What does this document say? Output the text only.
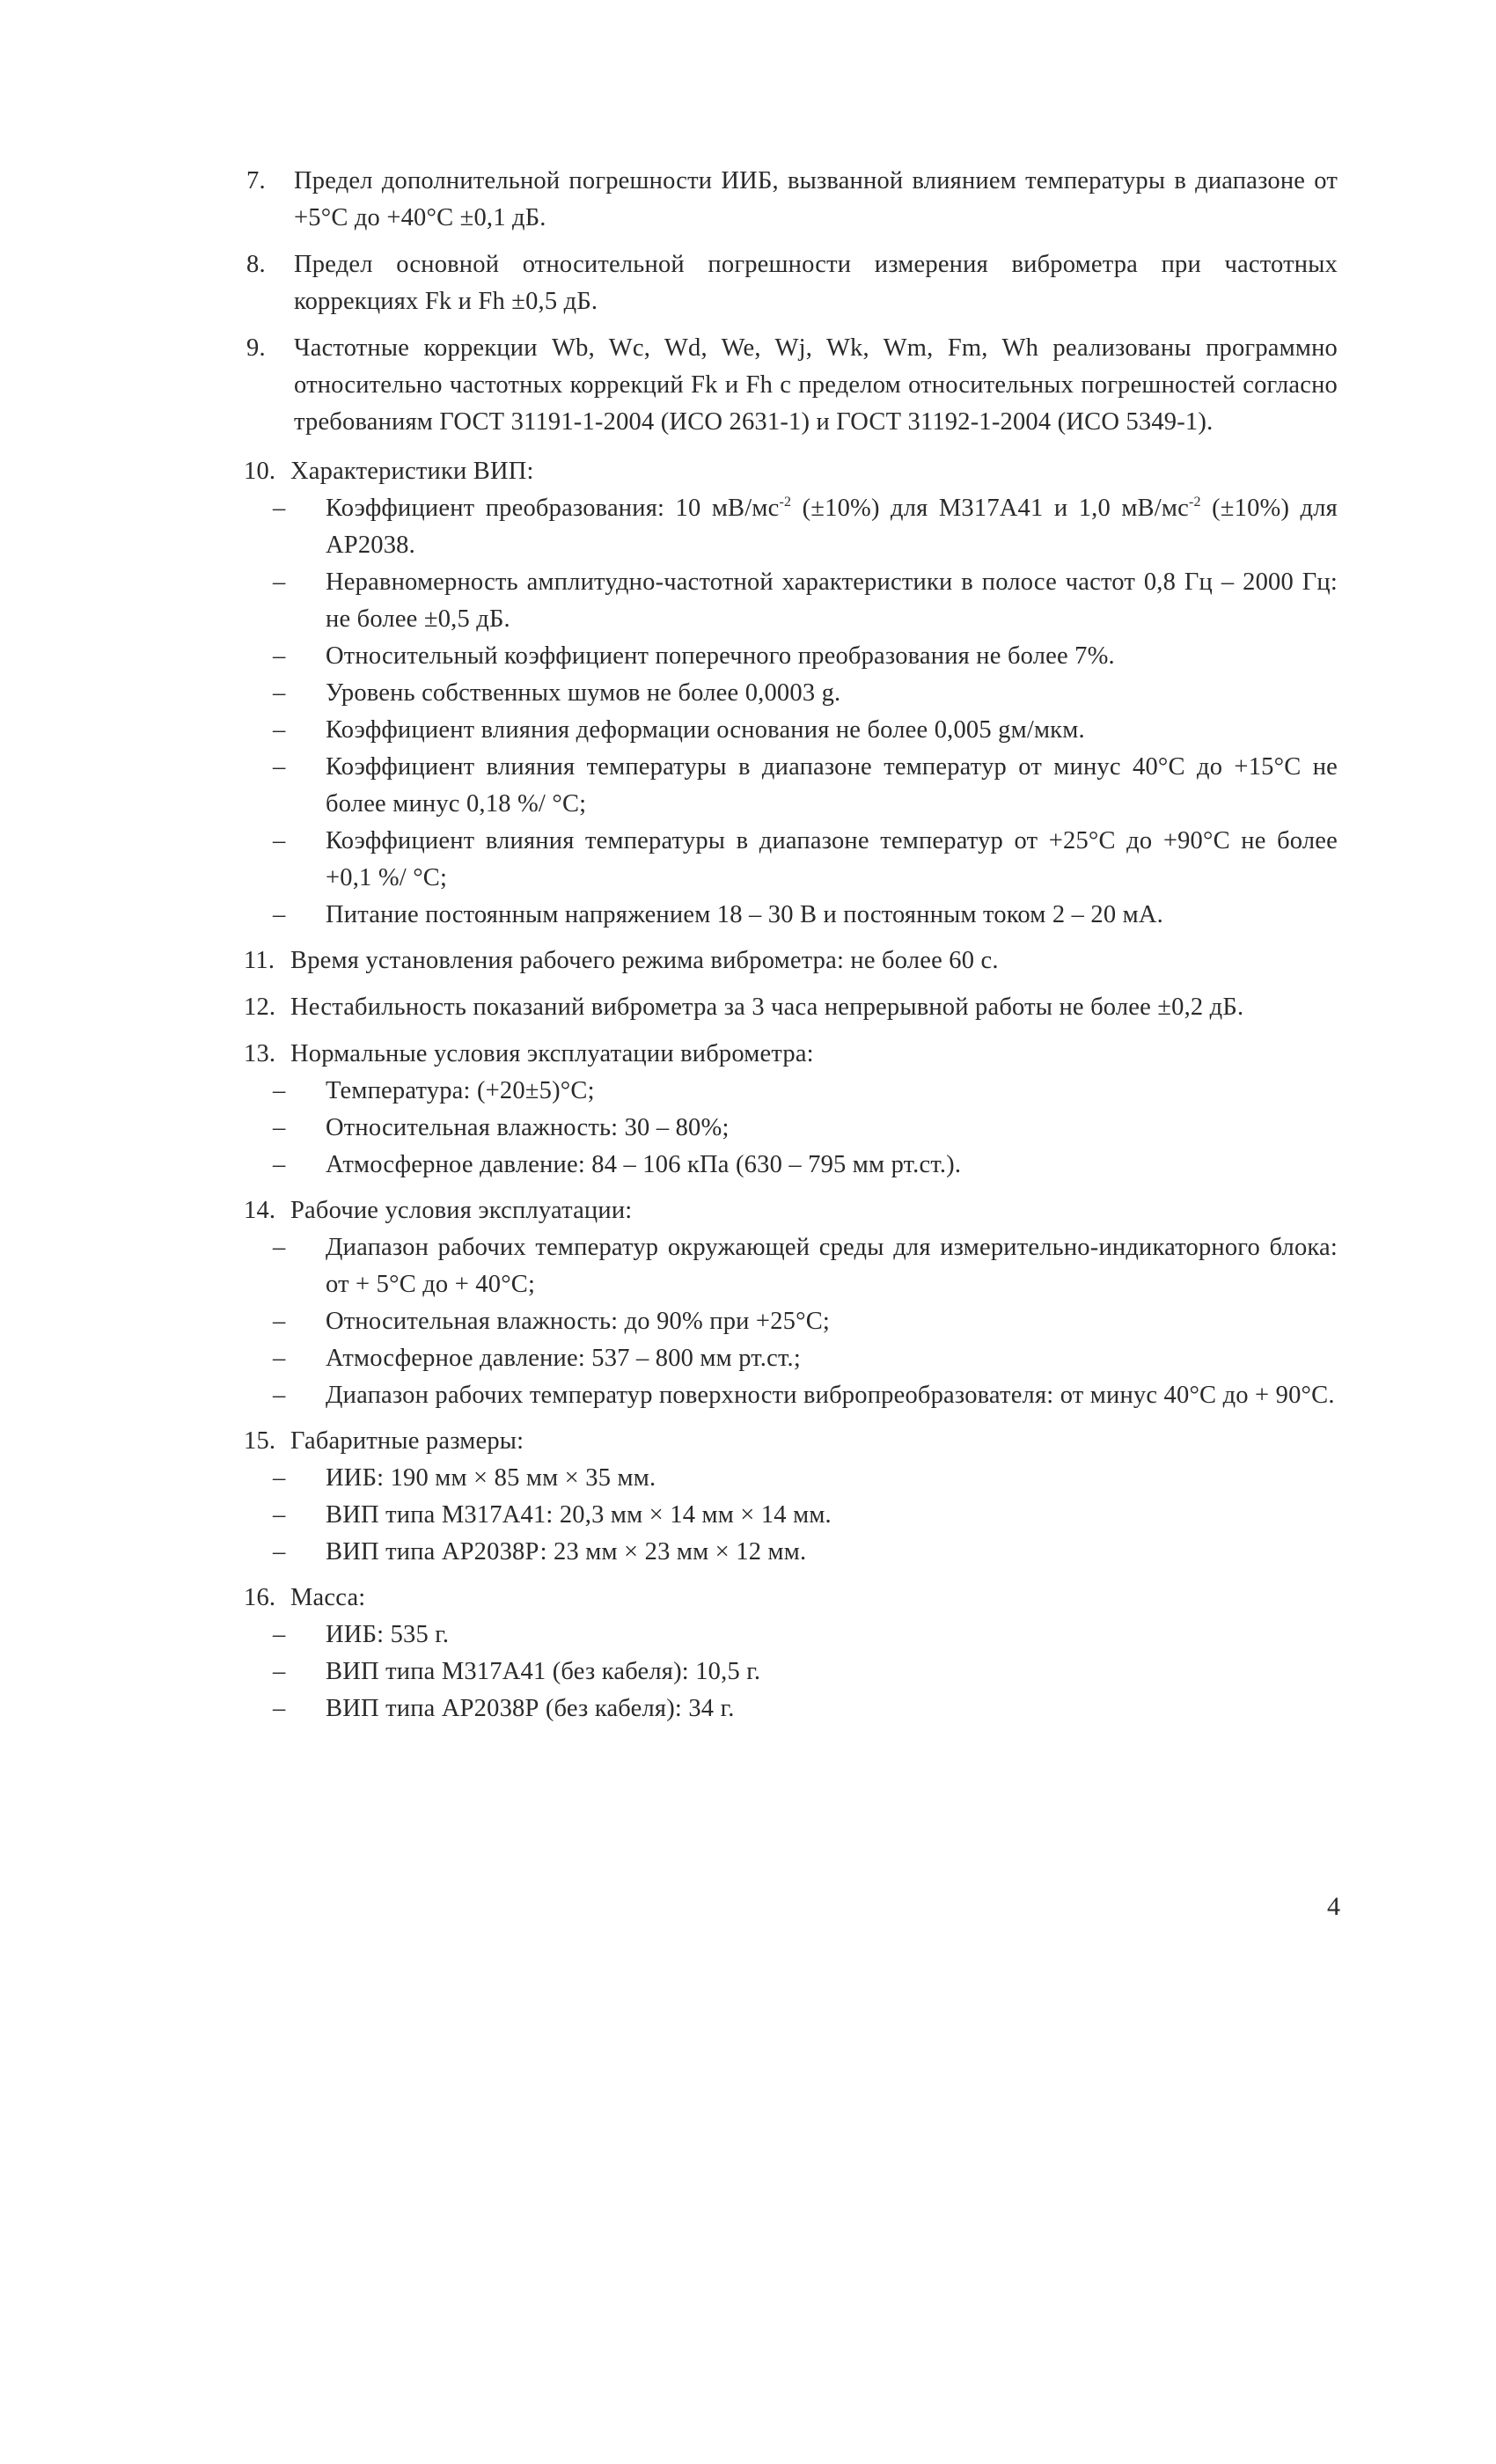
7. Предел дополнительной погрешности ИИБ, вызванной влиянием температуры в диапазоне от +5°С до +40°С ±0,1 дБ.
8. Предел основной относительной погрешности измерения виброметра при частотных коррекциях Fk и Fh ±0,5 дБ.
9. Частотные коррекции Wb, Wc, Wd, We, Wj, Wk, Wm, Fm, Wh реализованы программно относительно частотных коррекций Fk и Fh с пределом относительных погрешностей согласно требованиям ГОСТ 31191-1-2004 (ИСО 2631-1) и ГОСТ 31192-1-2004 (ИСО 5349-1).
10. Характеристики ВИП:
– Коэффициент преобразования: 10 $мВ/мс^{-2}$ (±10%) для М317А41 и 1,0 $мВ/мс^{-2}$ (±10%) для АР2038.
– Неравномерность амплитудно-частотной характеристики в полосе частот 0,8 Гц – 2000 Гц: не более ±0,5 дБ.
– Относительный коэффициент поперечного преобразования не более 7%.
– Уровень собственных шумов не более 0,0003 g.
– Коэффициент влияния деформации основания не более 0,005 gм/мкм.
– Коэффициент влияния температуры в диапазоне температур от минус 40°С до +15°С не более минус 0,18 %/ °С;
– Коэффициент влияния температуры в диапазоне температур от +25°С до +90°С не более +0,1 %/ °С;
– Питание постоянным напряжением 18 – 30 В и постоянным током 2 – 20 мА.
11. Время установления рабочего режима виброметра: не более 60 с.
12. Нестабильность показаний виброметра за 3 часа непрерывной работы не более ±0,2 дБ.
13. Нормальные условия эксплуатации виброметра:
– Температура: (+20±5)°С;
– Относительная влажность: 30 – 80%;
– Атмосферное давление: 84 – 106 кПа (630 – 795 мм рт.ст.).
14. Рабочие условия эксплуатации:
– Диапазон рабочих температур окружающей среды для измерительно-индикаторного блока: от + 5°С до + 40°С;
– Относительная влажность: до 90% при +25°С;
– Атмосферное давление: 537 – 800 мм рт.ст.;
– Диапазон рабочих температур поверхности вибропреобразователя: от минус 40°С до + 90°С.
15. Габаритные размеры:
– ИИБ: 190 мм × 85 мм × 35 мм.
– ВИП типа М317А41: 20,3 мм × 14 мм × 14 мм.
– ВИП типа АР2038Р: 23 мм × 23 мм × 12 мм.
16. Масса:
– ИИБ: 535 г.
– ВИП типа М317А41 (без кабеля): 10,5 г.
– ВИП типа АР2038Р (без кабеля): 34 г.
4
